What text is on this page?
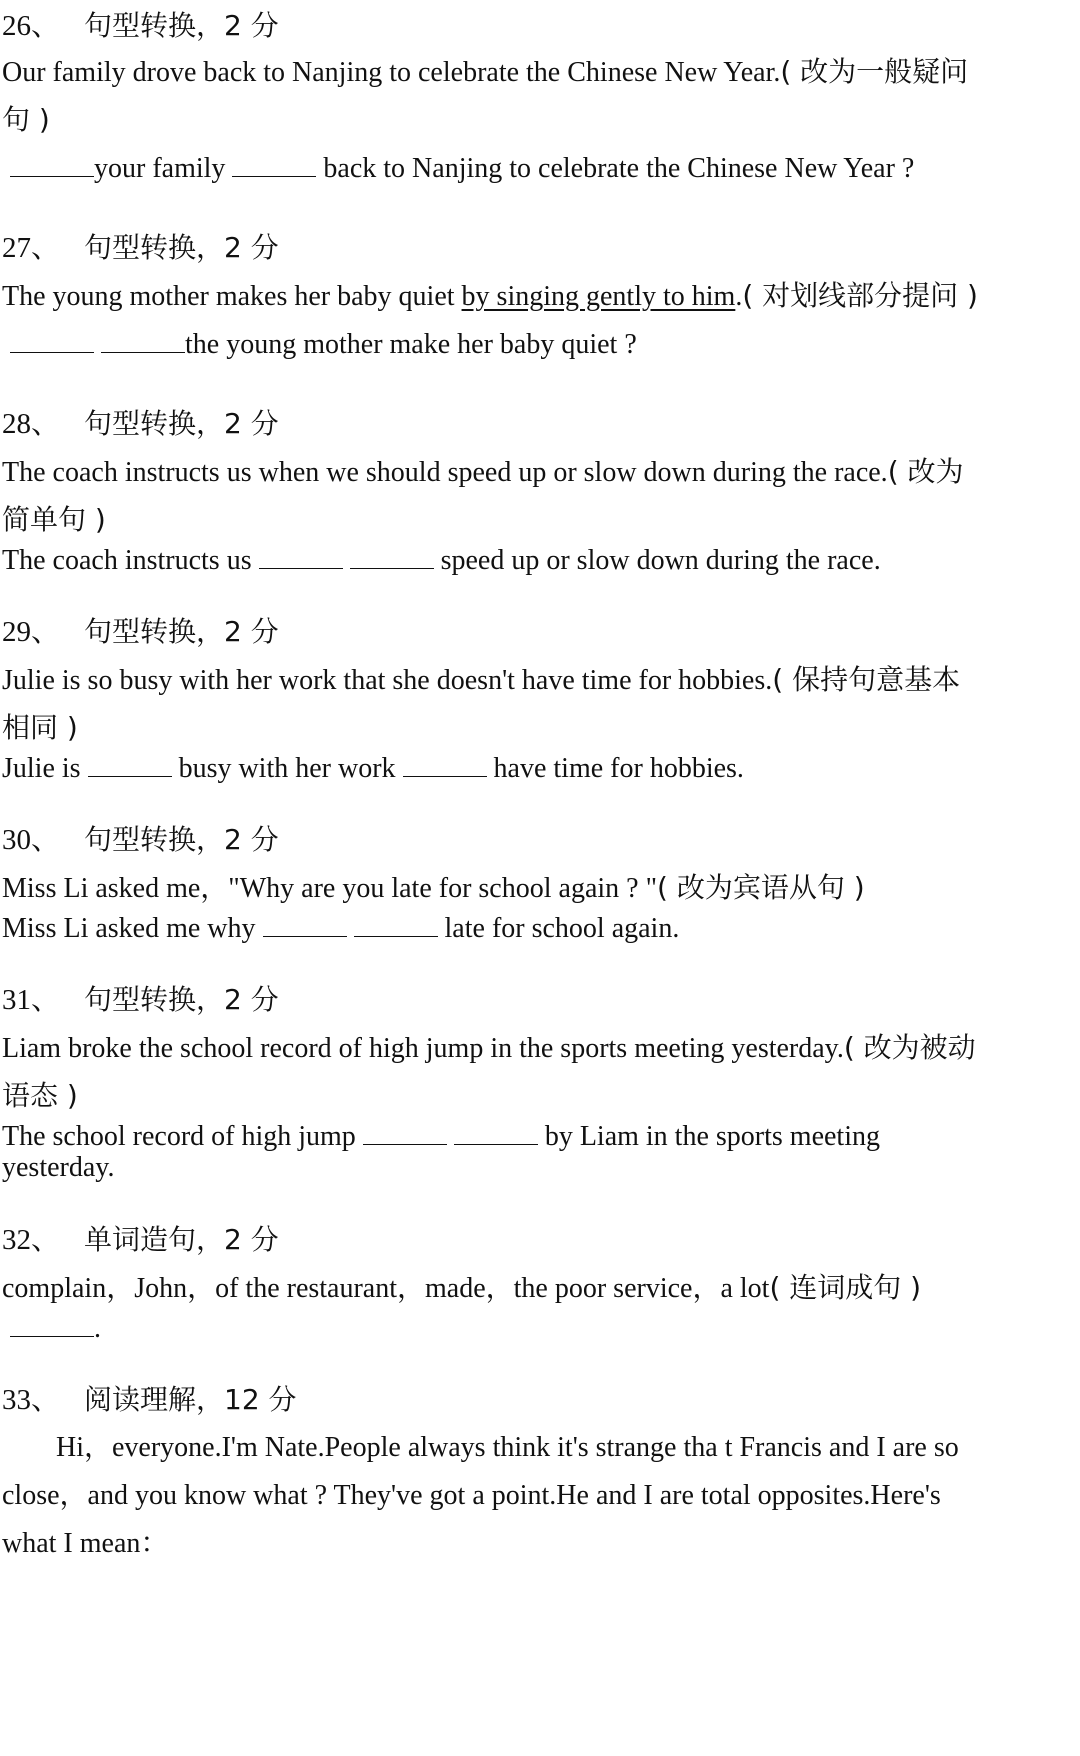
26、 句型转换，2 分
Our family drove back to Nanjing to celebrate the Chinese New Year.( 改为一般疑问
句 )
your family	back to Nanjing to celebrate the Chinese New Year ?
27、 句型转换，2 分
The young mother makes her baby quiet by singing gently to him.( 对划线部分提问 )
the young mother make her baby quiet ?
28、 句型转换，2 分
The coach instructs us when we should speed up or slow down during the race.( 改为
简单句 )
The coach instructs us	speed up or slow down during the race.
29、 句型转换，2 分
Julie is so busy with her work that she doesn't have time for hobbies.( 保持句意基本
相同 )
Julie is	busy with her work	have time for hobbies.
30、 句型转换，2 分
Miss Li asked me，"Why are you late for school again ? "( 改为宾语从句 )
Miss Li asked me why	late for school again.
31、 句型转换，2 分
Liam broke the school record of high jump in the sports meeting yesterday.( 改为被动
语态 )
The school record of high jump	by Liam in the sports meeting
yesterday.
32、 单词造句，2 分
complain，John，of the restaurant，made，the poor service，a lot( 连词成句 )
.
33、 阅读理解，12 分
Hi，everyone.I'm Nate.People always think it's strange tha t Francis and I are so
close，and you know what ? They've got a point.He and I are total opposites.Here's
what I mean：
